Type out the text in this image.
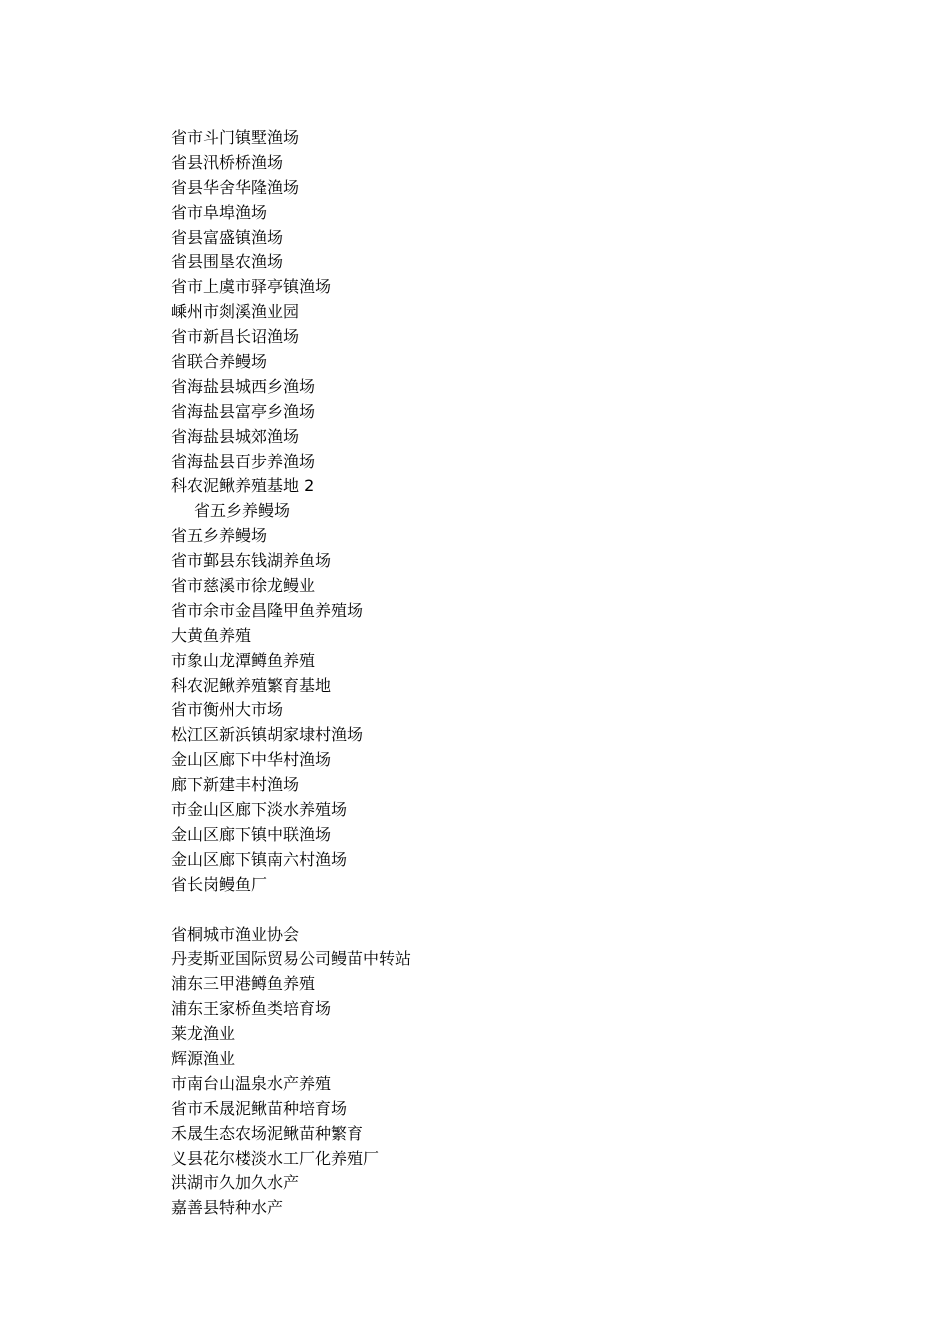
省市斗门镇墅渔场
省县汛桥桥渔场
省县华舍华隆渔场
省市阜埠渔场
省县富盛镇渔场
省县围垦农渔场
省市上虞市驿亭镇渔场
嵊州市剡溪渔业园
省市新昌长诏渔场
省联合养鳗场
省海盐县城西乡渔场
省海盐县富亭乡渔场
省海盐县城郊渔场
省海盐县百步养渔场
科农泥鳅养殖基地 2
省五乡养鳗场
省五乡养鳗场
省市鄞县东钱湖养鱼场
省市慈溪市徐龙鳗业
省市余市金昌隆甲鱼养殖场
大黄鱼养殖
市象山龙潭鳟鱼养殖
科农泥鳅养殖繁育基地
省市衡州大市场
松江区新浜镇胡家埭村渔场
金山区廊下中华村渔场
廊下新建丰村渔场
市金山区廊下淡水养殖场
金山区廊下镇中联渔场
金山区廊下镇南六村渔场
省长岗鳗鱼厂
省桐城市渔业协会
丹麦斯亚国际贸易公司鳗苗中转站
浦东三甲港鳟鱼养殖
浦东王家桥鱼类培育场
莱龙渔业
辉源渔业
市南台山温泉水产养殖
省市禾晟泥鳅苗种培育场
禾晟生态农场泥鳅苗种繁育
义县花尔楼淡水工厂化养殖厂
洪湖市久加久水产
嘉善县特种水产
